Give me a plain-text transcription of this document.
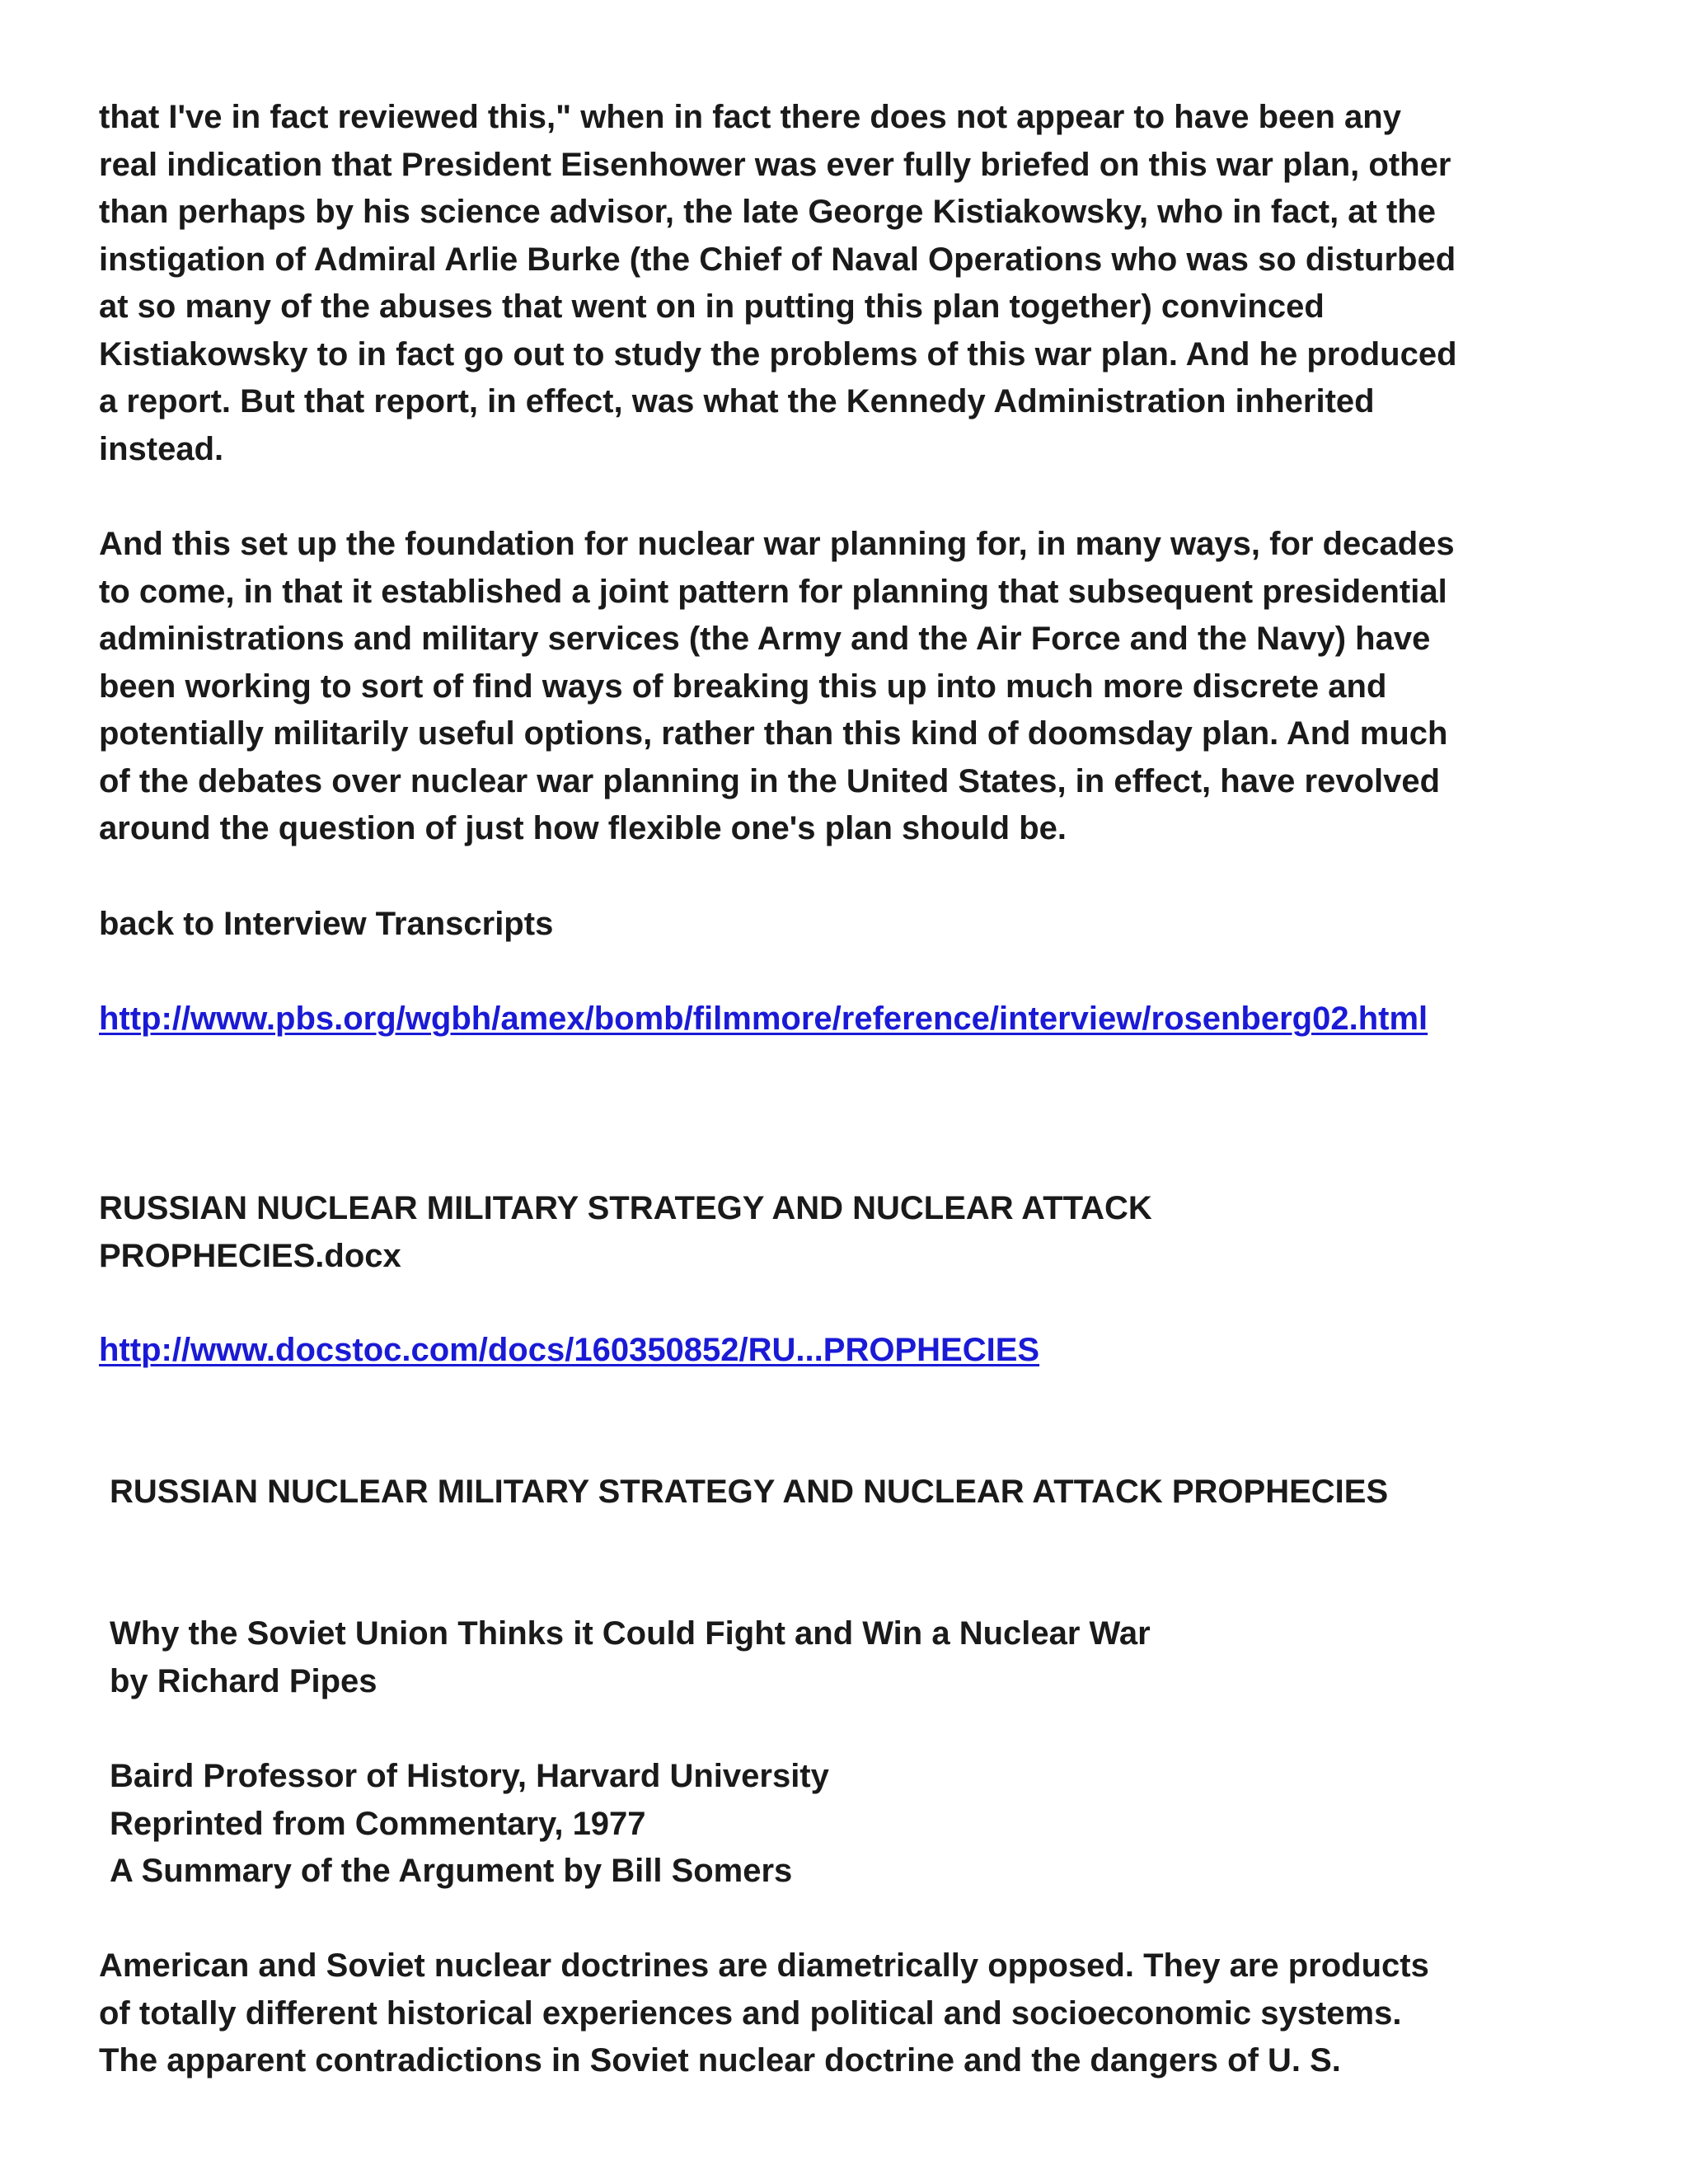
that I've in fact reviewed this," when in fact there does not appear to have been any
real indication that President Eisenhower was ever fully briefed on this war plan, other
than perhaps by his science advisor, the late George Kistiakowsky, who in fact, at the
instigation of Admiral Arlie Burke (the Chief of Naval Operations who was so disturbed
at so many of the abuses that went on in putting this plan together) convinced
Kistiakowsky to in fact go out to study the problems of this war plan. And he produced
a report. But that report, in effect, was what the Kennedy Administration inherited
instead.

And this set up the foundation for nuclear war planning for, in many ways, for decades
to come, in that it established a joint pattern for planning that subsequent presidential
administrations and military services (the Army and the Air Force and the Navy) have
been working to sort of find ways of breaking this up into much more discrete and
potentially militarily useful options, rather than this kind of doomsday plan. And much
of the debates over nuclear war planning in the United States, in effect, have revolved
around the question of just how flexible one's plan should be.

back to Interview Transcripts

http://www.pbs.org/wgbh/amex/bomb/filmmore/reference/interview/rosenberg02.html

RUSSIAN NUCLEAR MILITARY STRATEGY AND NUCLEAR ATTACK
PROPHECIES.docx

http://www.docstoc.com/docs/160350852/RU...PROPHECIES

RUSSIAN NUCLEAR MILITARY STRATEGY AND NUCLEAR ATTACK PROPHECIES

Why the Soviet Union Thinks it Could Fight and Win a Nuclear War
by Richard Pipes

Baird Professor of History, Harvard University
Reprinted from Commentary, 1977
A Summary of the Argument by Bill Somers

American and Soviet nuclear doctrines are diametrically opposed. They are products
of totally different historical experiences and political and socioeconomic systems.
The apparent contradictions in Soviet nuclear doctrine and the dangers of U. S.
